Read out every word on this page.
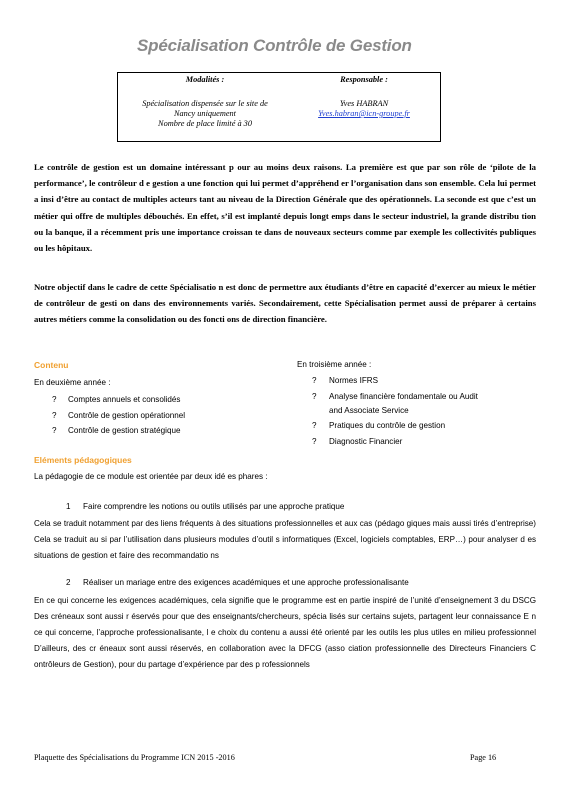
Spécialisation Contrôle de Gestion
Modalités :
Spécialisation dispensée sur le site de
Nancy uniquement
Nombre de place limité à 30
Responsable :
Yves HABRAN
Yves.habran@icn-groupe.fr
Le contrôle de gestion est un domaine intéressant p our au moins deux raisons. La première est que par son rôle de ‘pilote de la performance’, le contrôleur d e gestion a une fonction qui lui permet d’appréhend er l’organisation dans son ensemble. Cela lui permet a insi d’être au contact de multiples acteurs tant au niveau de la Direction Générale que des opérationnels. La seconde est que c’est un métier qui offre de multiples débouchés. En effet, s’il est implanté depuis longt emps dans le secteur industriel, la grande distribu tion ou la banque, il a récemment pris une importance croissan te dans de nouveaux secteurs comme par exemple les collectivités publiques ou les hôpitaux.
Notre objectif dans le cadre de cette Spécialisatio n est donc de permettre aux étudiants d’être en capacité d’exercer au mieux le métier de contrôleur de gesti on dans des environnements variés. Secondairement, cette Spécialisation permet aussi de préparer à certains autres métiers comme la consolidation ou des foncti ons de direction financière.
Contenu
En deuxième année :
? Comptes annuels et consolidés
? Contrôle de gestion opérationnel
? Contrôle de gestion stratégique
En troisième année :
? Normes IFRS
? Analyse financière fondamentale ou Audit
and Associate Service
? Pratiques du contrôle de gestion
? Diagnostic Financier
Eléments pédagogiques
La pédagogie de ce module est orientée par deux idé es phares :
1 Faire comprendre les notions ou outils utilisés par une approche pratique
Cela se traduit notamment par des liens fréquents à des situations professionnelles et aux cas (pédago giques mais aussi tirés d’entreprise) Cela se traduit au si par l’utilisation dans plusieurs modules d’outil s informatiques (Excel, logiciels comptables, ERP…) pour analyser d es situations de gestion et faire des recommandatio ns
2 Réaliser un mariage entre des exigences académiques et une approche professionalisante
En ce qui concerne les exigences académiques, cela signifie que le programme est en partie inspiré de l’unité d’enseignement 3 du DSCG Des créneaux sont aussi r éservés pour que des enseignants/chercheurs, spécia lisés sur certains sujets, partagent leur connaissance E n ce qui concerne, l’approche professionalisante, l e choix du contenu a aussi été orienté par les outils les plus utiles en milieu professionnel D’ailleurs, des cr éneaux sont aussi réservés, en collaboration avec la DFCG (asso ciation professionnelle des Directeurs Financiers C ontrôleurs de Gestion), pour du partage d’expérience par des p rofessionnels
Plaquette des Spécialisations du Programme ICN 2015 -2016	Page 16
